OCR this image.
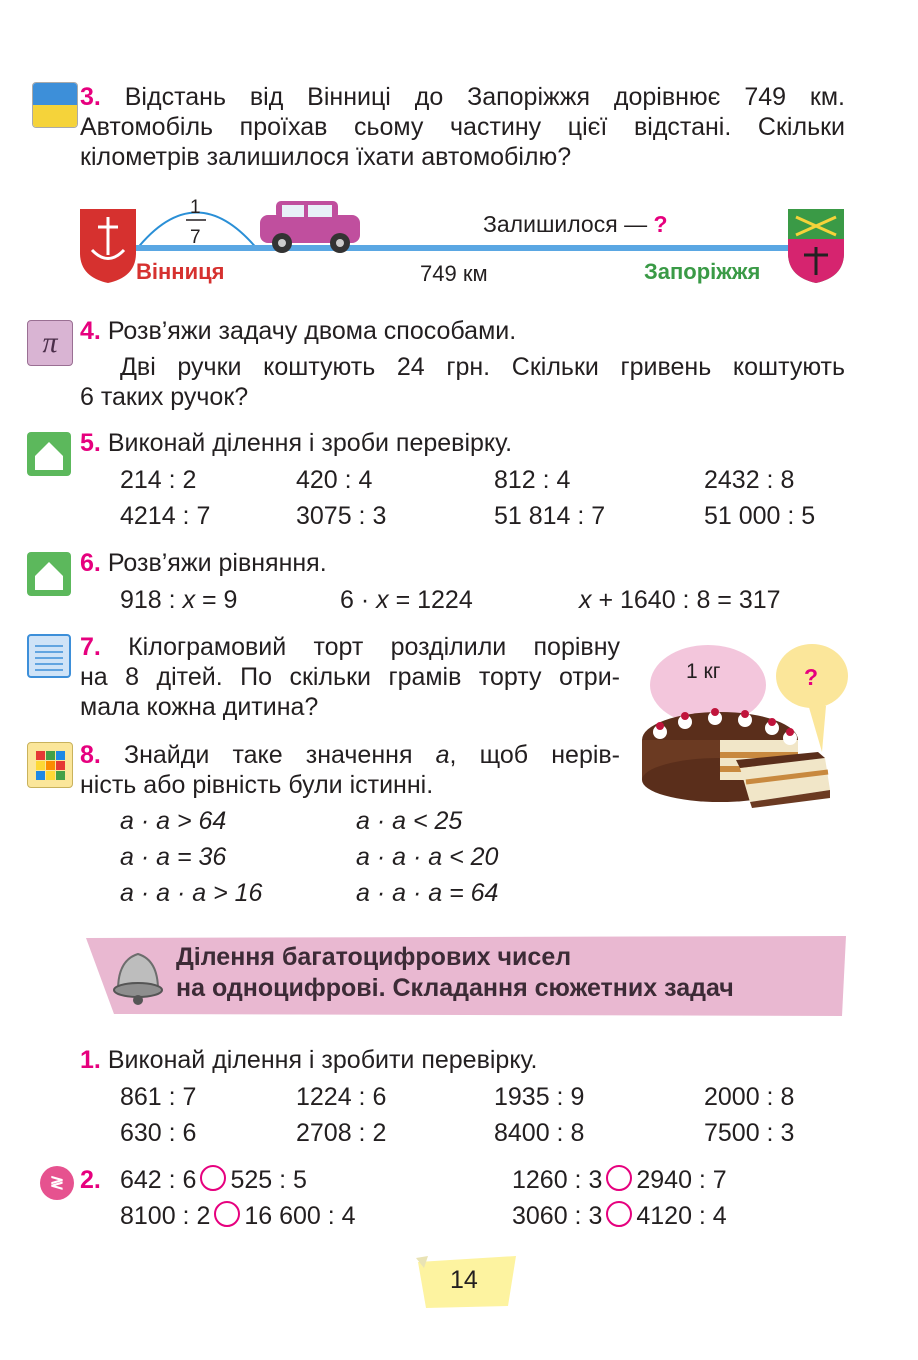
3. Відстань від Вінниці до Запоріжжя дорівнює 749 км.
Автомобіль проїхав сьому частину цієї відстані. Скільки
кілометрів залишилося їхати автомобілю?
1
7
Залишилося — ?
Вінниця	749 км	Запоріжжя
π 4. Розв’яжи задачу двома способами.
Дві ручки коштують 24 грн. Скільки гривень коштують
6 таких ручок?
5. Виконай ділення і зроби перевірку.
214 : 2	420 : 4	812 : 4	2432 : 8
4214 : 7	3075 : 3	51 814 : 7	51 000 : 5
6. Розв’яжи рівняння.
918 : x = 9	6 · x = 1224	x + 1640 : 8 = 317
7. Кілограмовий торт розділили порівну
на 8 дітей. По скільки грамів торту отри-
мала кожна дитина?
1 кг	?
8. Знайди таке значення a, щоб нерів-
ність або рівність були істинні.
a · a > 64	a · a < 25
a · a = 36	a · a · a < 20
a · a · a > 16	a · a · a = 64
Ділення багатоцифрових чисел
на одноцифрові. Складання сюжетних задач
1. Виконай ділення і зробити перевірку.
861 : 7	1224 : 6	1935 : 9	2000 : 8
630 : 6	2708 : 2	8400 : 8	7500 : 3
≷ 2. 642 : 6 525 : 5	1260 : 3 2940 : 7
8100 : 2 16 600 : 4	3060 : 3 4120 : 4
14
